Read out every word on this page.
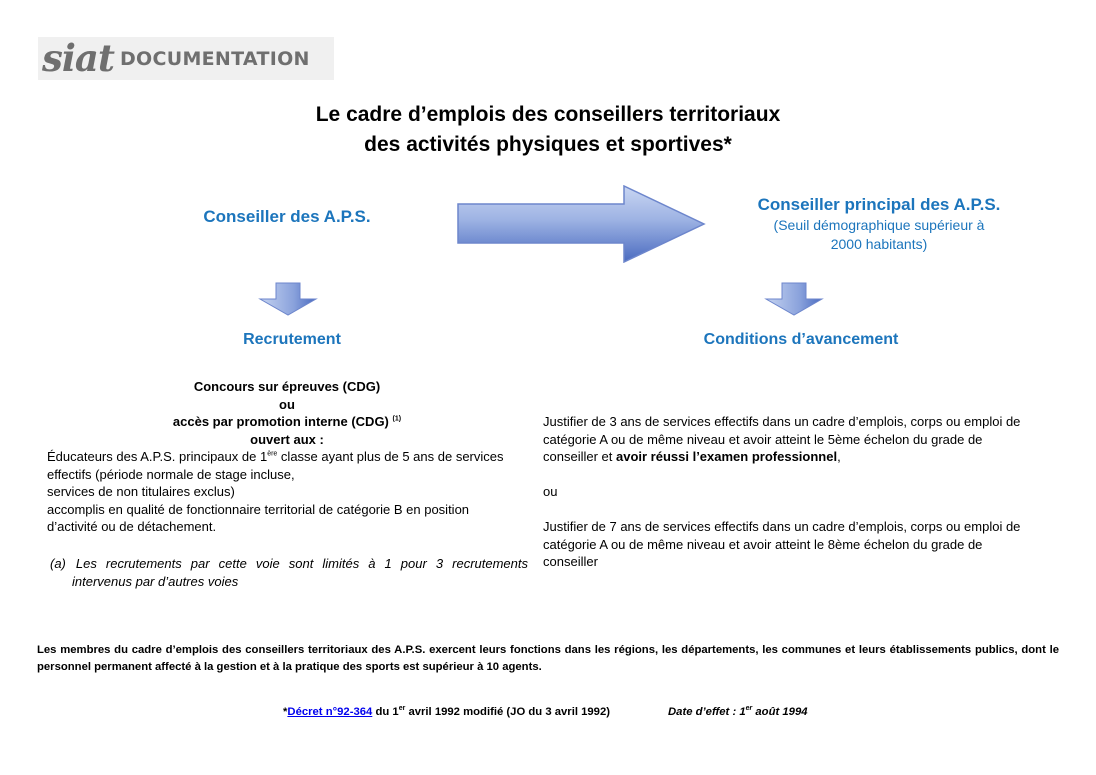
siat DOCUMENTATION
Le cadre d’emplois des conseillers territoriaux
des activités physiques et sportives*
Conseiller des A.P.S.
Conseiller principal des A.P.S.
(Seuil démographique supérieur à
2000 habitants)
Recrutement	Conditions d’avancement
Concours sur épreuves (CDG)
ou
accès par promotion interne (CDG) $^{(1)}$
ouvert aux :
Éducateurs des A.P.S. principaux de 1ère classe ayant plus de 5 ans de services
effectifs (période normale de stage incluse,
services de non titulaires exclus)
accomplis en qualité de fonctionnaire territorial de catégorie B en position
d’activité ou de détachement.
(a) Les recrutements par cette voie sont limités à 1 pour 3 recrutements
intervenus par d’autres voies
Justifier de 3 ans de services effectifs dans un cadre d’emplois, corps ou emploi de
catégorie A ou de même niveau et avoir atteint le 5ème échelon du grade de
conseiller et avoir réussi l’examen professionnel,
ou
Justifier de 7 ans de services effectifs dans un cadre d’emplois, corps ou emploi de
catégorie A ou de même niveau et avoir atteint le 8ème échelon du grade de
conseiller
Les membres du cadre d’emplois des conseillers territoriaux des A.P.S. exercent leurs fonctions dans les régions, les départements, les communes et leurs établissements publics, dont le
personnel permanent affecté à la gestion et à la pratique des sports est supérieur à 10 agents.
*Décret n°92-364 du 1er avril 1992 modifié (JO du 3 avril 1992)	Date d’effet : 1er août 1994
